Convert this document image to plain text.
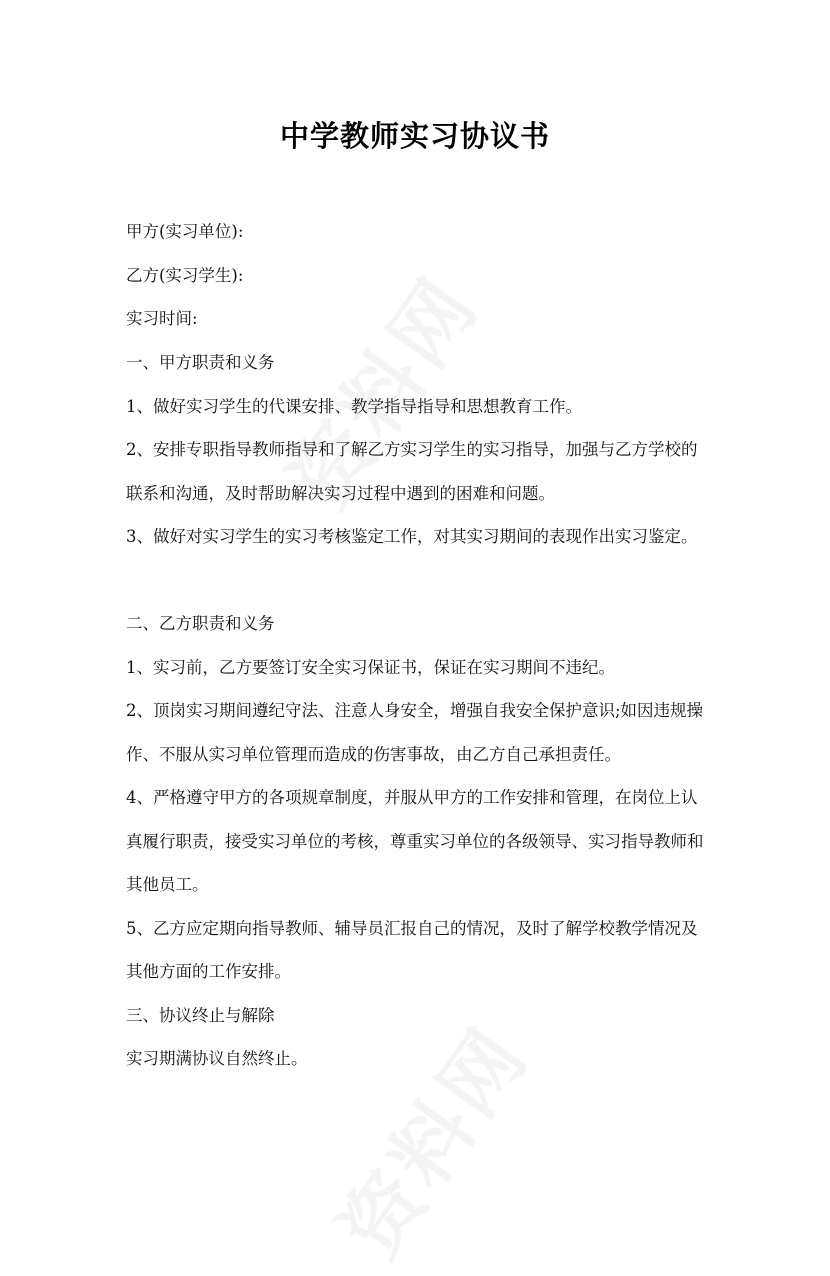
中学教师实习协议书
甲方(实习单位):
乙方(实习学生):
实习时间:
一、甲方职责和义务
1、做好实习学生的代课安排、教学指导指导和思想教育工作。
2、安排专职指导教师指导和了解乙方实习学生的实习指导，加强与乙方学校的
联系和沟通，及时帮助解决实习过程中遇到的困难和问题。
3、做好对实习学生的实习考核鉴定工作，对其实习期间的表现作出实习鉴定。
二、乙方职责和义务
1、实习前，乙方要签订安全实习保证书，保证在实习期间不违纪。
2、顶岗实习期间遵纪守法、注意人身安全，增强自我安全保护意识;如因违规操
作、不服从实习单位管理而造成的伤害事故，由乙方自己承担责任。
4、严格遵守甲方的各项规章制度，并服从甲方的工作安排和管理，在岗位上认
真履行职责，接受实习单位的考核，尊重实习单位的各级领导、实习指导教师和
其他员工。
5、乙方应定期向指导教师、辅导员汇报自己的情况，及时了解学校教学情况及
其他方面的工作安排。
三、协议终止与解除
实习期满协议自然终止。
